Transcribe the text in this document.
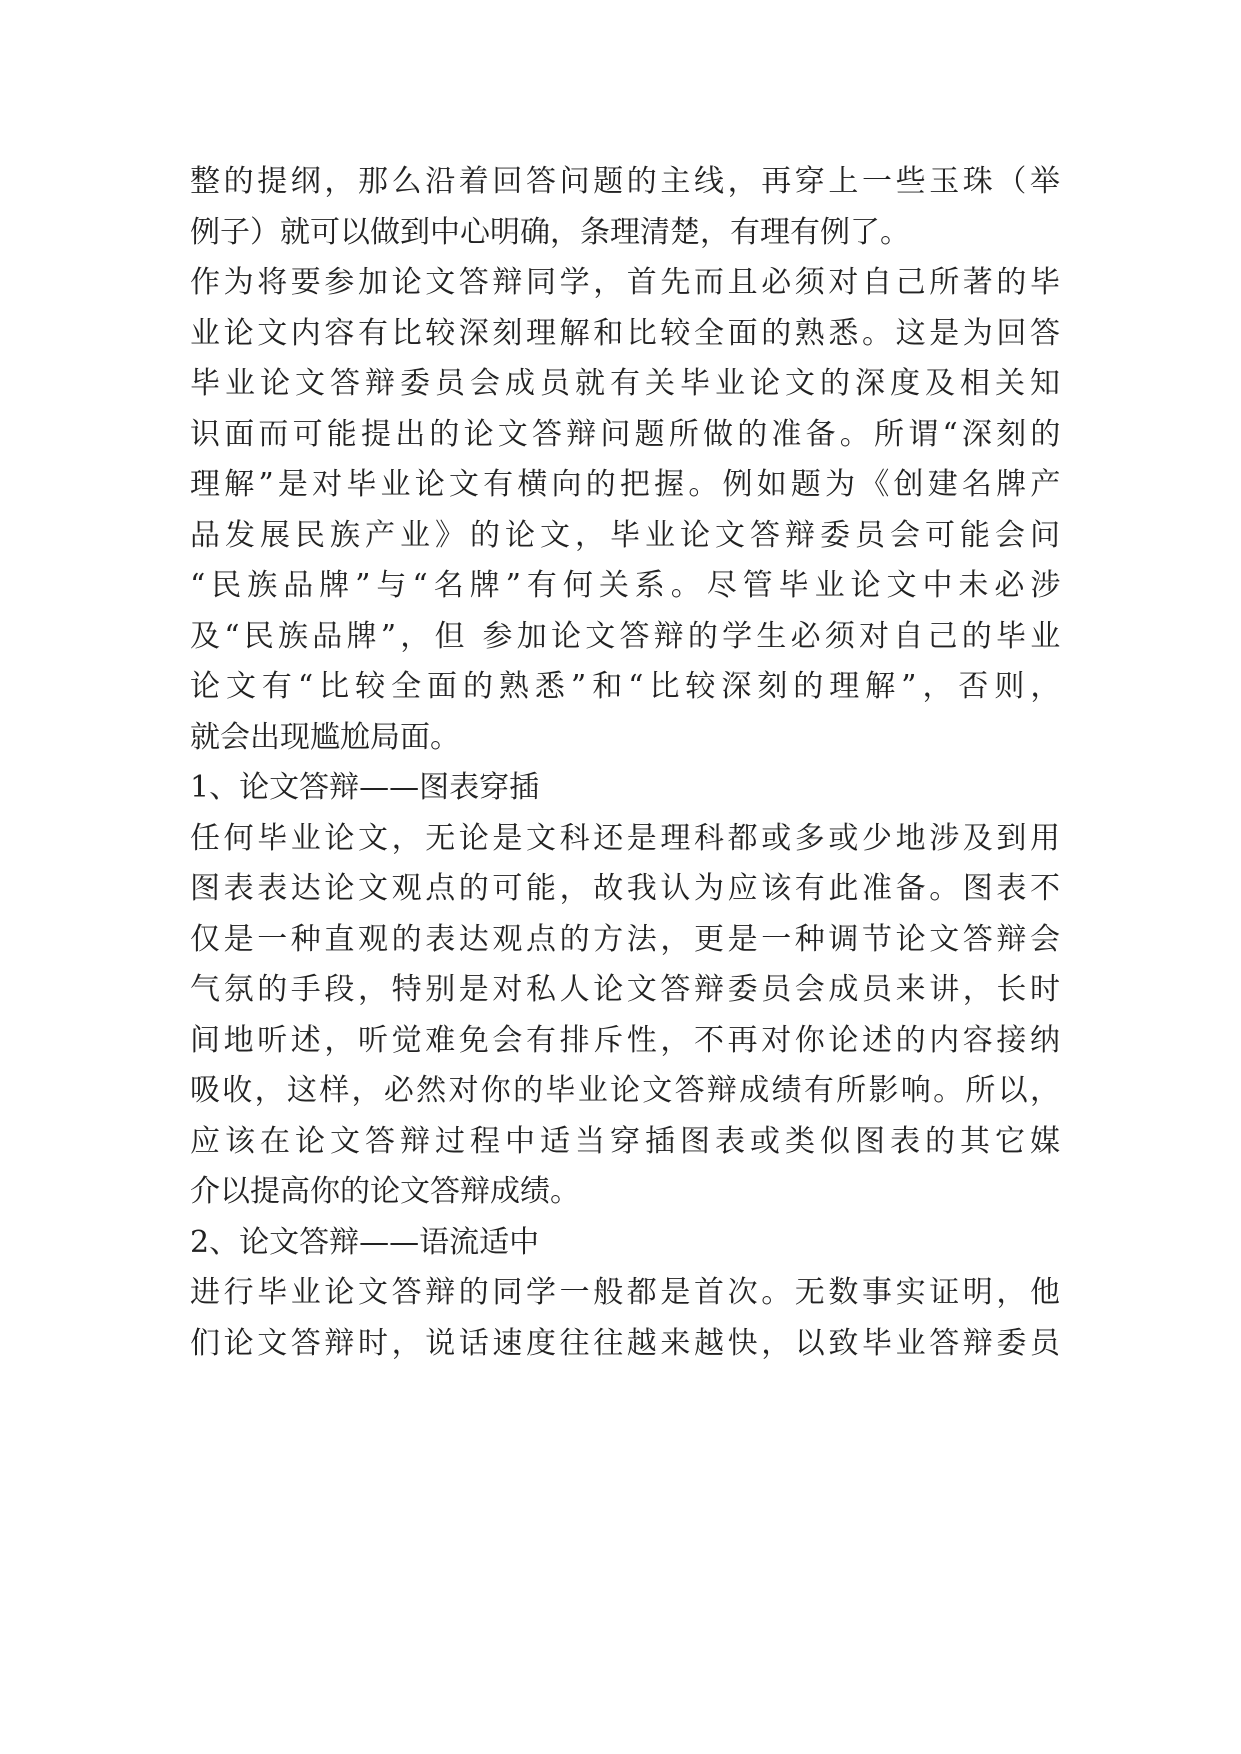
整的提纲，那么沿着回答问题的主线，再穿上一些玉珠（举
例子）就可以做到中心明确，条理清楚，有理有例了。
作为将要参加论文答辩同学，首先而且必须对自己所著的毕
业论文内容有比较深刻理解和比较全面的熟悉。这是为回答
毕业论文答辩委员会成员就有关毕业论文的深度及相关知
识面而可能提出的论文答辩问题所做的准备。所谓“深刻的
理解”是对毕业论文有横向的把握。例如题为《创建名牌产
品发展民族产业》的论文，毕业论文答辩委员会可能会问
“民族品牌”与“名牌”有何关系。尽管毕业论文中未必涉
及“民族品牌”，但 参加论文答辩的学生必须对自己的毕业
论文有“比较全面的熟悉”和“比较深刻的理解”，否则，
就会出现尴尬局面。
1、论文答辩——图表穿插
任何毕业论文，无论是文科还是理科都或多或少地涉及到用
图表表达论文观点的可能，故我认为应该有此准备。图表不
仅是一种直观的表达观点的方法，更是一种调节论文答辩会
气氛的手段，特别是对私人论文答辩委员会成员来讲，长时
间地听述，听觉难免会有排斥性，不再对你论述的内容接纳
吸收，这样，必然对你的毕业论文答辩成绩有所影响。所以，
应该在论文答辩过程中适当穿插图表或类似图表的其它媒
介以提高你的论文答辩成绩。
2、论文答辩——语流适中
进行毕业论文答辩的同学一般都是首次。无数事实证明，他
们论文答辩时，说话速度往往越来越快，以致毕业答辩委员
